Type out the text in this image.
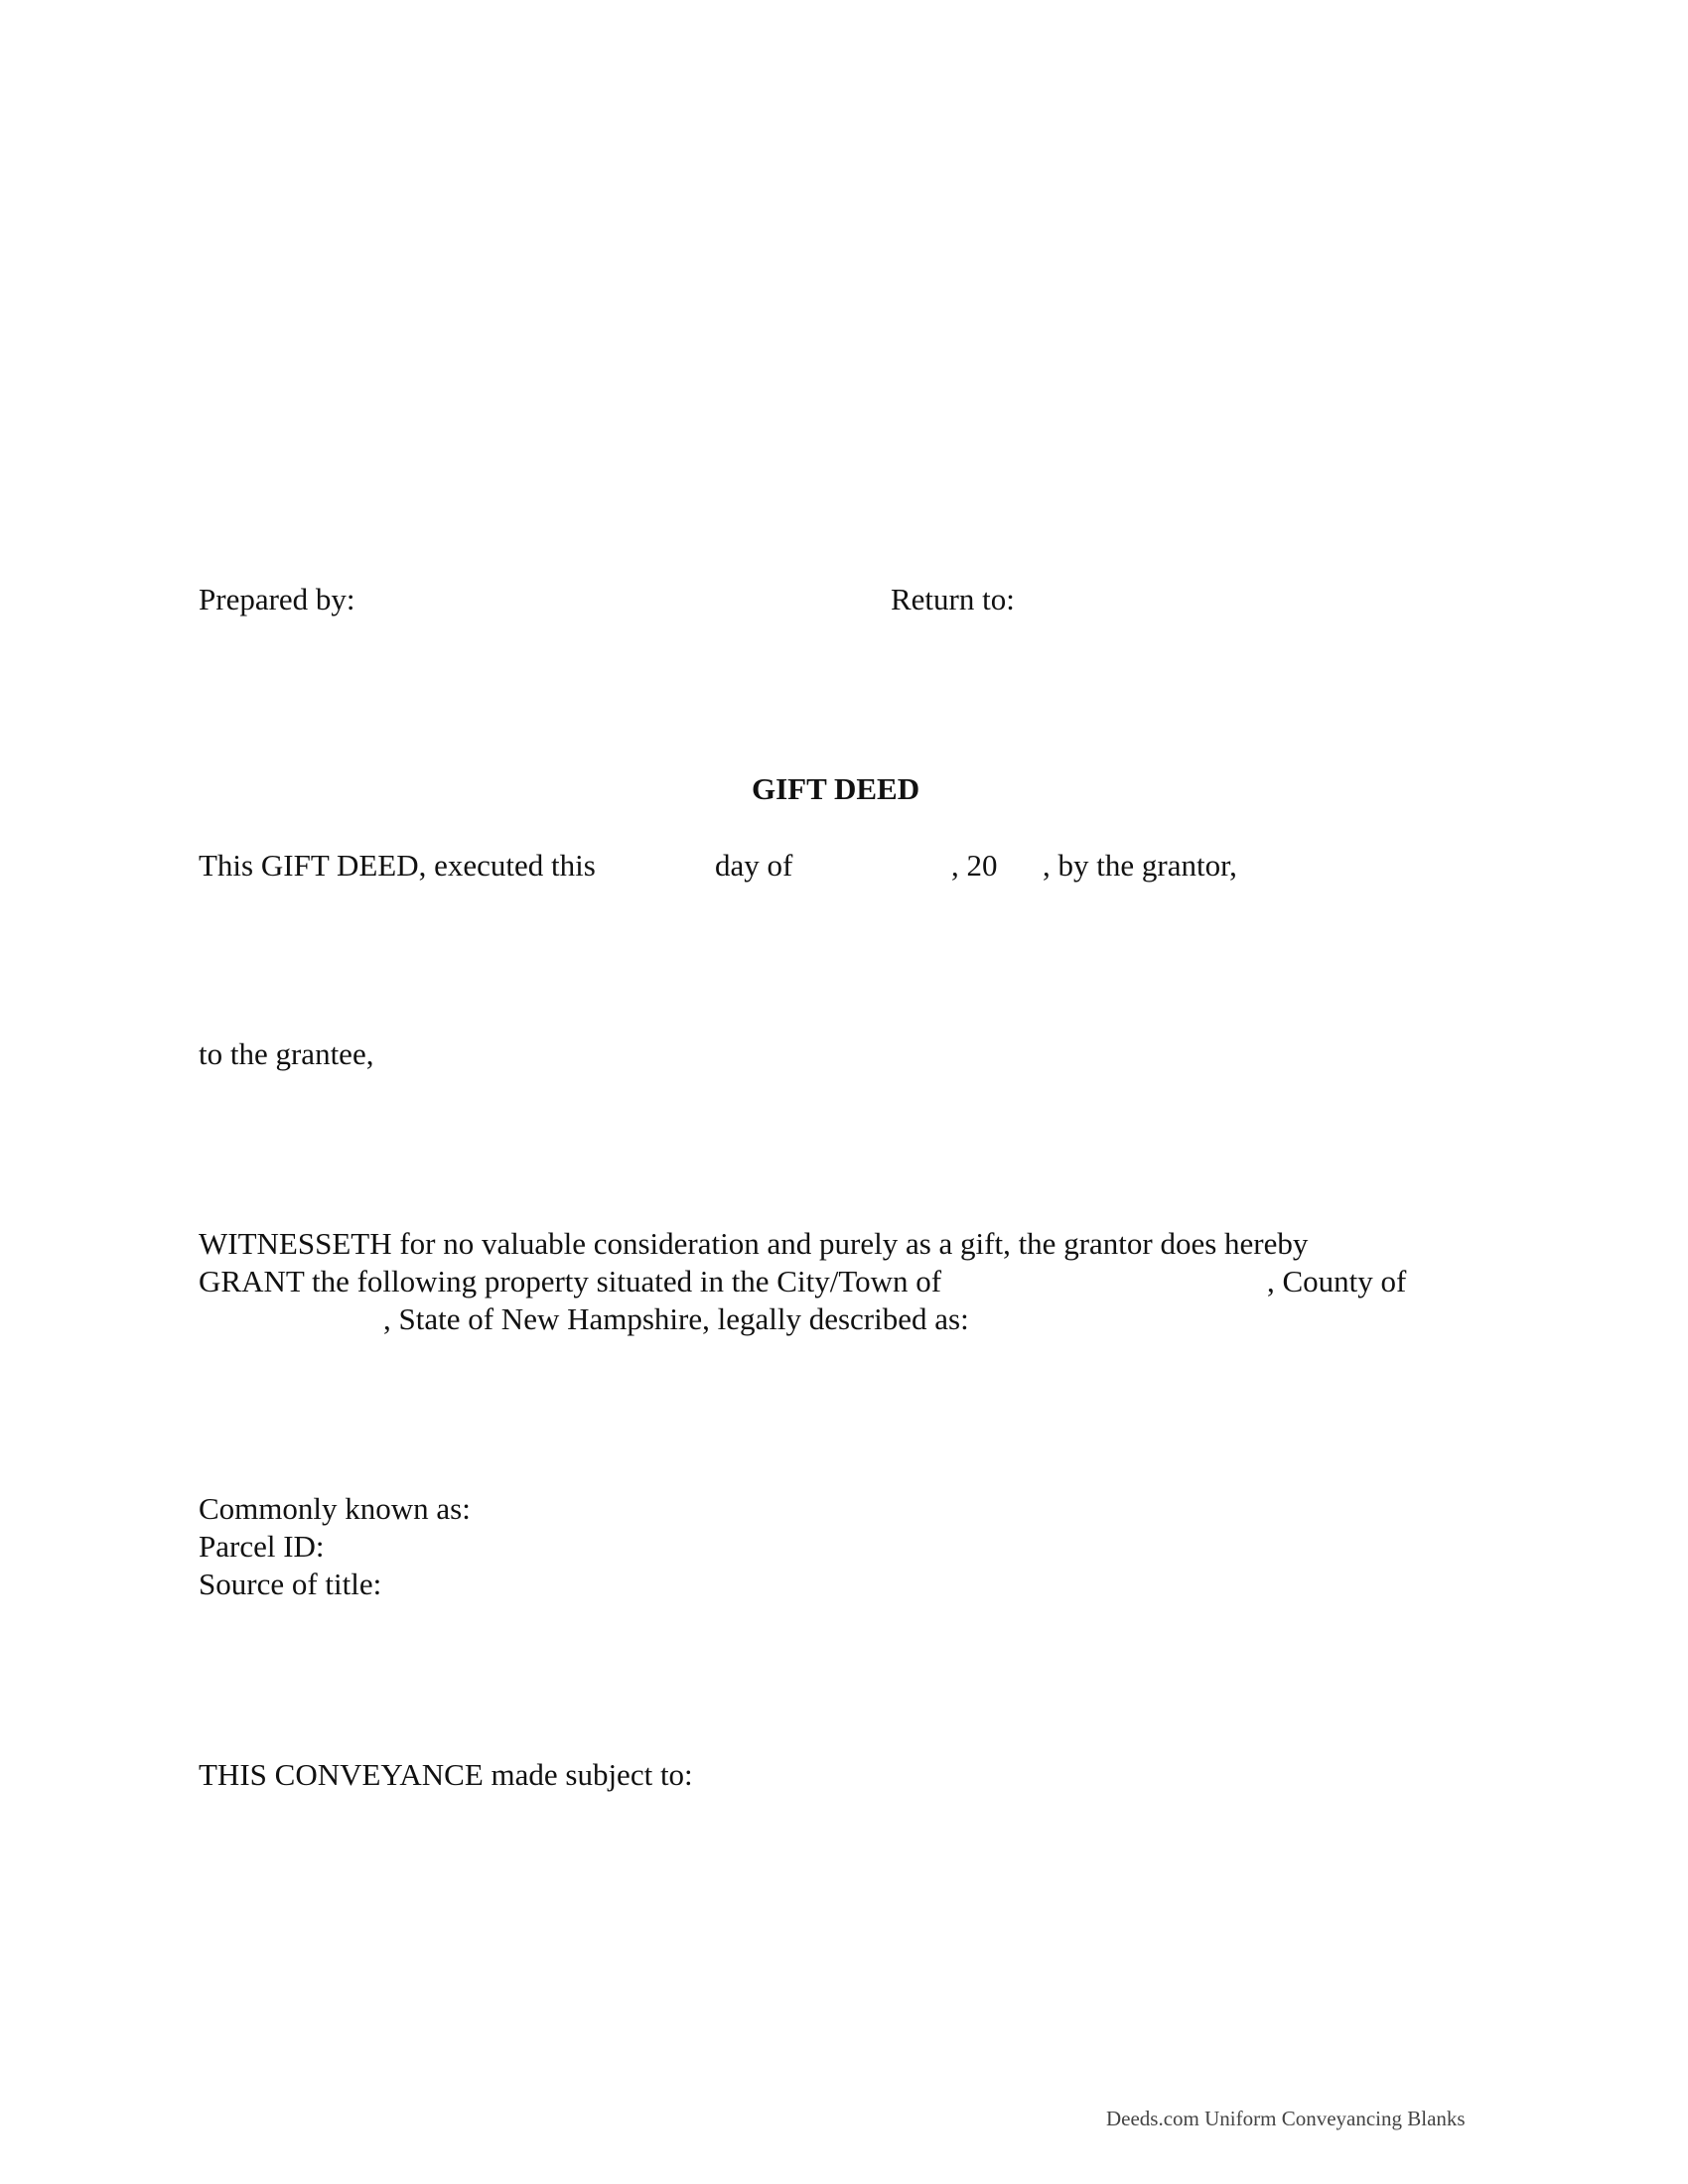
Prepared by:	Return to:
GIFT DEED
This GIFT DEED, executed this	day of	, 20 , by the grantor,
to the grantee,
WITNESSETH for no valuable consideration and purely as a gift, the grantor does hereby
GRANT the following property situated in the City/Town of	, County of
, State of New Hampshire, legally described as:
Commonly known as:
Parcel ID:
Source of title:
THIS CONVEYANCE made subject to:
Deeds.com Uniform Conveyancing Blanks
